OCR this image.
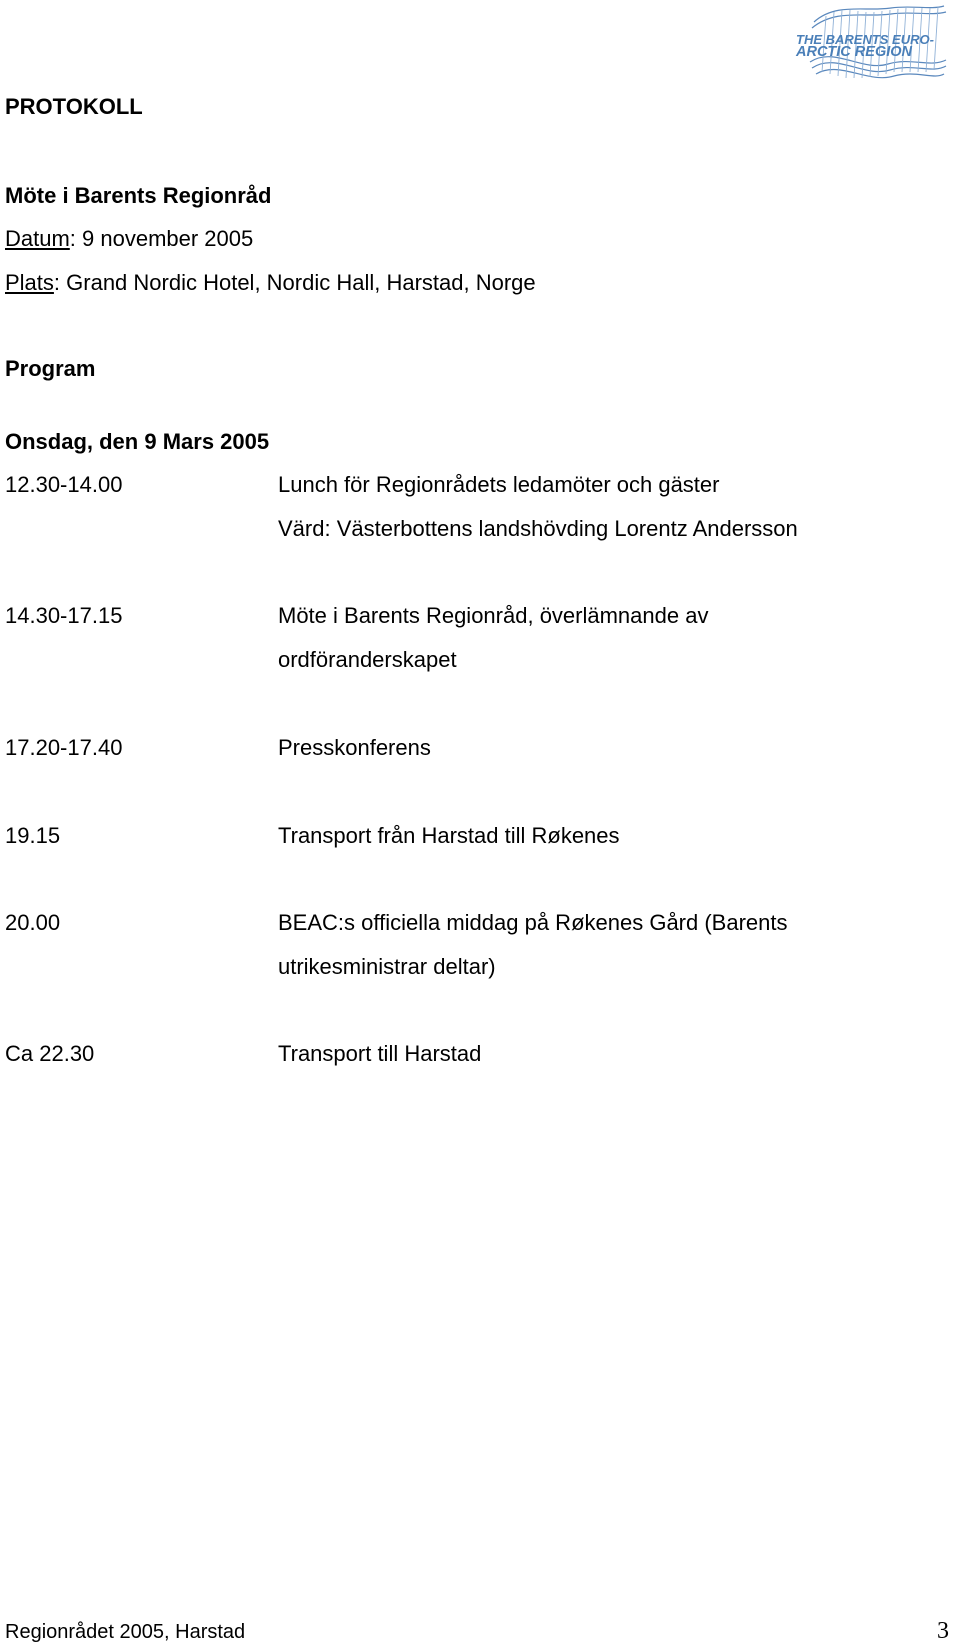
THE BARENTS EURO-
ARCTIC REGION
PROTOKOLL
Möte i Barents Regionråd
Datum: 9 november 2005
Plats: Grand Nordic Hotel, Nordic Hall, Harstad, Norge
Program
Onsdag, den 9 Mars 2005
12.30-14.00	Lunch för Regionrådets ledamöter och gäster
Värd: Västerbottens landshövding Lorentz Andersson
14.30-17.15	Möte i Barents Regionråd, överlämnande av
ordföranderskapet
17.20-17.40	Presskonferens
19.15	Transport från Harstad till Røkenes
20.00	BEAC:s officiella middag på Røkenes Gård (Barents
utrikesministrar deltar)
Ca 22.30	Transport till Harstad
Regionrådet 2005, Harstad	3
